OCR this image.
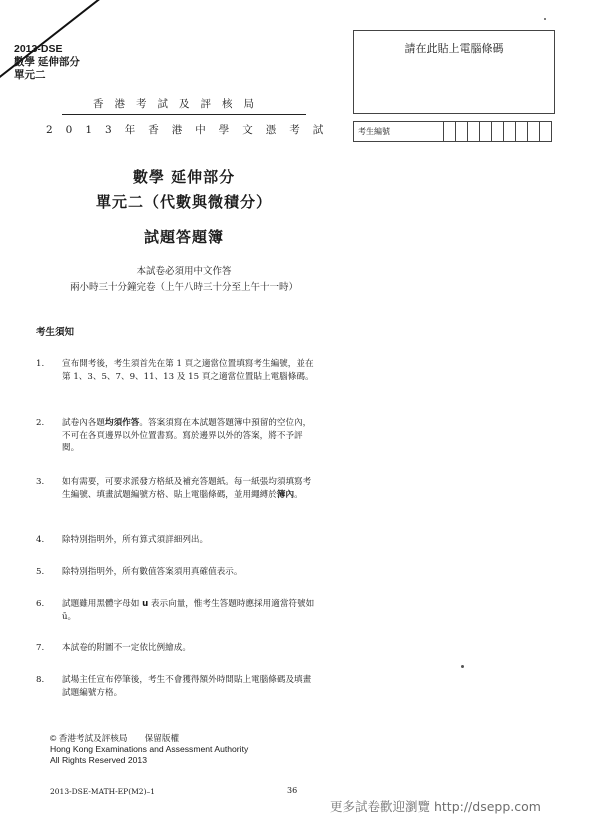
2013-DSE
數學 延伸部分
單元二
香港考試及評核局
2013年香港中學文憑考試
請在此貼上電腦條碼
考生編號									
數學 延伸部分
單元二（代數與微積分）
試題答題簿
本試卷必須用中文作答
兩小時三十分鐘完卷（上午八時三十分至上午十一時）
考生須知
1. 宣布開考後，考生須首先在第 1 頁之適當位置填寫考生編號，並在第 1、3、5、7、9、11、13 及 15 頁之適當位置貼上電腦條碼。
2. 試卷內各題均須作答。答案須寫在本試題答題簿中預留的空位內，不可在各頁邊界以外位置書寫。寫於邊界以外的答案，將不予評閱。
3. 如有需要，可要求派發方格紙及補充答題紙。每一紙張均須填寫考生編號、填畫試題編號方格、貼上電腦條碼，並用繩縛於簿內。
4. 除特別指明外，所有算式須詳細列出。
5. 除特別指明外，所有數值答案須用真確值表示。
6. 試題雖用黑體字母如 u 表示向量，惟考生答題時應採用適當符號如 ū。
7. 本試卷的附圖不一定依比例繪成。
8. 試場主任宣布停筆後，考生不會獲得額外時間貼上電腦條碼及填畫試題編號方格。
© 香港考試及評核局　　保留版權
Hong Kong Examinations and Assessment Authority
All Rights Reserved 2013
2013-DSE-MATH-EP(M2)–1	36
更多試卷歡迎瀏覽 http://dsepp.com
